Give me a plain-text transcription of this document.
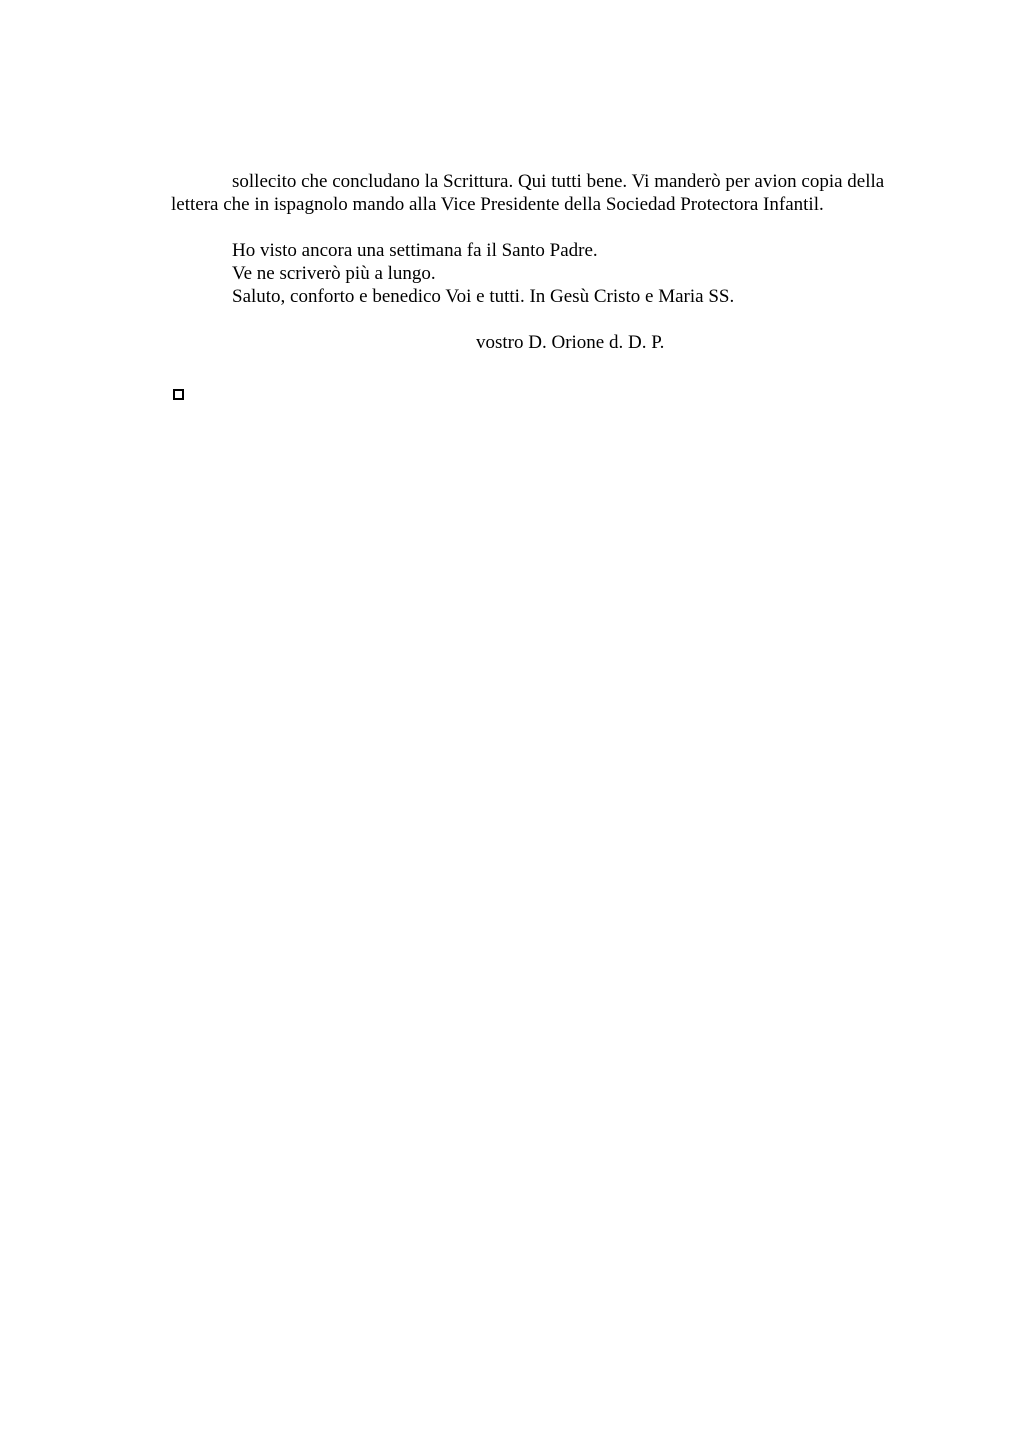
sollecito che concludano la Scrittura. Qui tutti bene. Vi manderò per avion copia della lettera che in ispagnolo mando alla Vice Presidente della Sociedad Protectora Infantil.

Ho visto ancora una settimana fa il Santo Padre.

Ve ne scriverò più a lungo.

Saluto, conforto e benedico Voi e tutti. In Gesù Cristo e Maria SS.

vostro D. Orione d. D. P.
